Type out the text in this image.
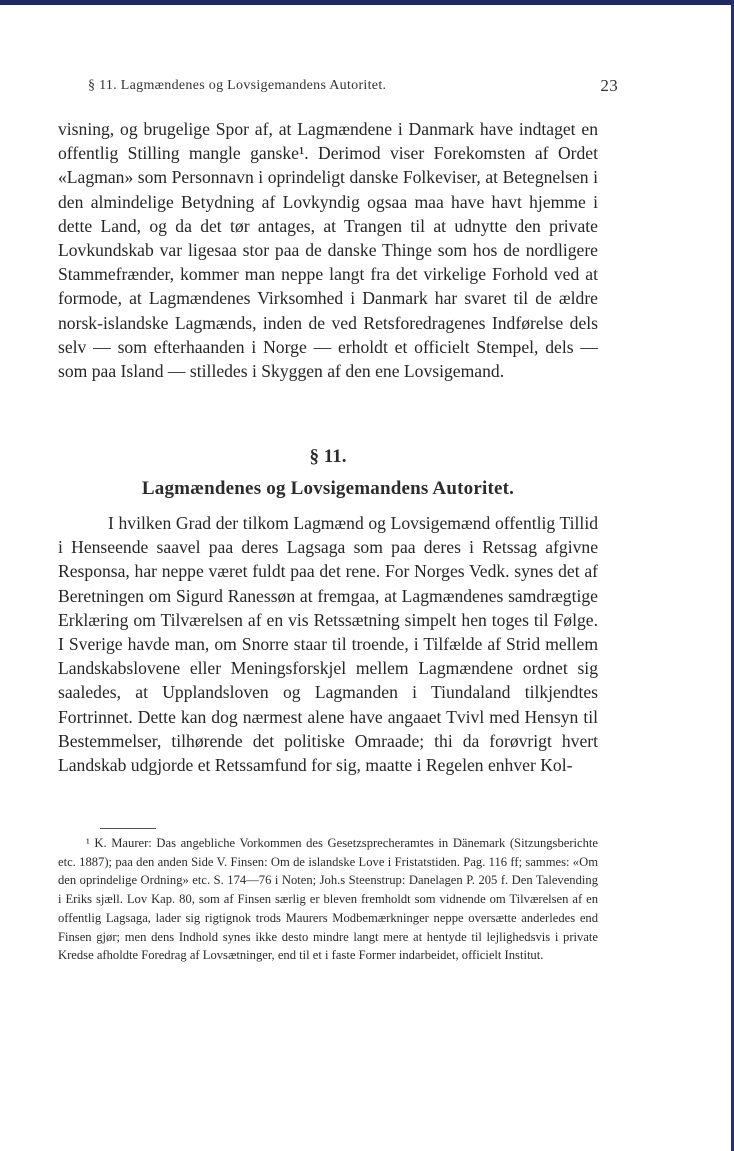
§ 11. Lagmændenes og Lovsigemandens Autoritet.	23

visning, og brugelige Spor af, at Lagmændene i Danmark have indtaget en offentlig Stilling mangle ganske¹. Derimod viser Forekomsten af Ordet «Lagman» som Personnavn i oprindeligt danske Folkeviser, at Betegnelsen i den almindelige Betydning af Lovkyndig ogsaa maa have havt hjemme i dette Land, og da det tør antages, at Trangen til at udnytte den private Lovkundskab var ligesaa stor paa de danske Thinge som hos de nordligere Stammefrænder, kommer man neppe langt fra det virkelige Forhold ved at formode, at Lagmændenes Virksomhed i Danmark har svaret til de ældre norsk-islandske Lagmænds, inden de ved Retsforedragenes Indførelse dels selv — som efterhaanden i Norge — erholdt et officielt Stempel, dels — som paa Island — stilledes i Skyggen af den ene Lovsigemand.

§ 11.
Lagmændenes og Lovsigemandens Autoritet.

I hvilken Grad der tilkom Lagmænd og Lovsigemænd offentlig Tillid i Henseende saavel paa deres Lagsaga som paa deres i Retssag afgivne Responsa, har neppe været fuldt paa det rene. For Norges Vedk. synes det af Beretningen om Sigurd Ranessøn at fremgaa, at Lagmændenes samdrægtige Erklæring om Tilværelsen af en vis Retssætning simpelt hen toges til Følge. I Sverige havde man, om Snorre staar til troende, i Tilfælde af Strid mellem Landskabslovene eller Meningsforskjel mellem Lagmændene ordnet sig saaledes, at Upplandsloven og Lagmanden i Tiundaland tilkjendtes Fortrinnet. Dette kan dog nærmest alene have angaaet Tvivl med Hensyn til Bestemmelser, tilhørende det politiske Omraade; thi da forøvrigt hvert Landskab udgjorde et Retssamfund for sig, maatte i Regelen enhver Kol-

¹ K. Maurer: Das angebliche Vorkommen des Gesetzsprecheramtes in Dänemark (Sitzungsberichte etc. 1887); paa den anden Side V. Finsen: Om de islandske Love i Fristatstiden. Pag. 116 ff; sammes: «Om den oprindelige Ordning» etc. S. 174—76 i Noten; Joh.s Steenstrup: Danelagen P. 205 f. Den Talevending i Eriks sjæll. Lov Kap. 80, som af Finsen særlig er bleven fremholdt som vidnende om Tilværelsen af en offentlig Lagsaga, lader sig rigtignok trods Maurers Modbemærkninger neppe oversætte anderledes end Finsen gjør; men dens Indhold synes ikke desto mindre langt mere at hentyde til lejlighedsvis i private Kredse afholdte Foredrag af Lovsætninger, end til et i faste Former indarbeidet, officielt Institut.
